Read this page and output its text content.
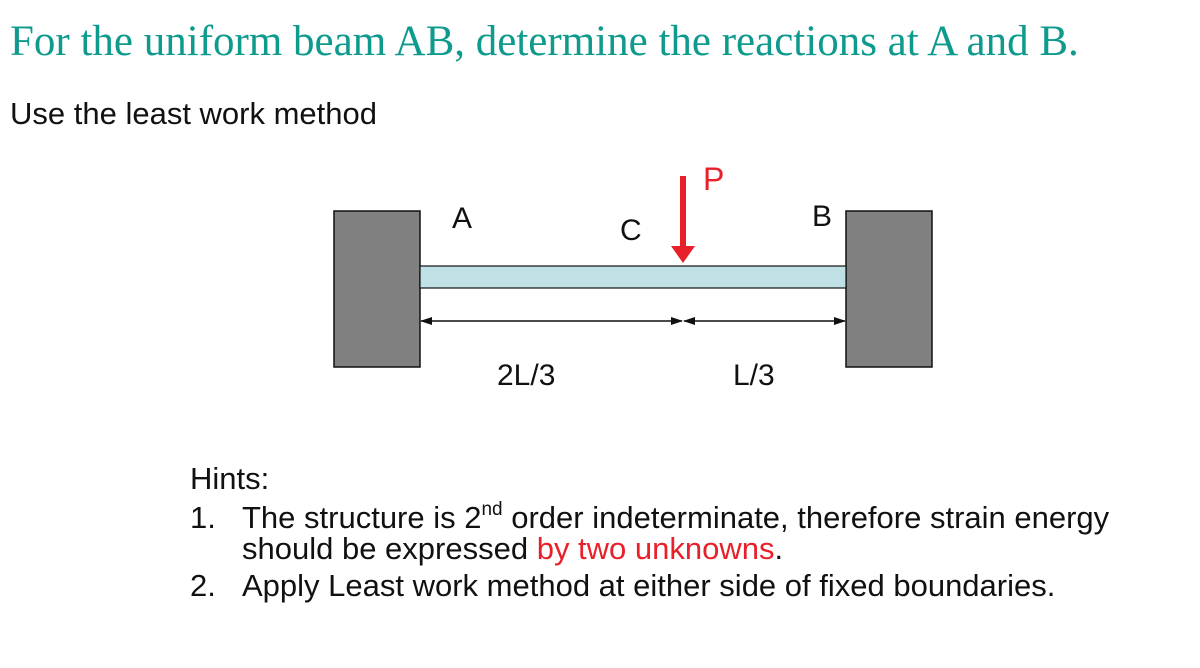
For the uniform beam AB, determine the reactions at A and B.
Use the least work method
A	C	B
P
2L/3	L/3
Hints:
1. The structure is 2nd order indeterminate, therefore strain energy should be expressed by two unknowns.
2. Apply Least work method at either side of fixed boundaries.
